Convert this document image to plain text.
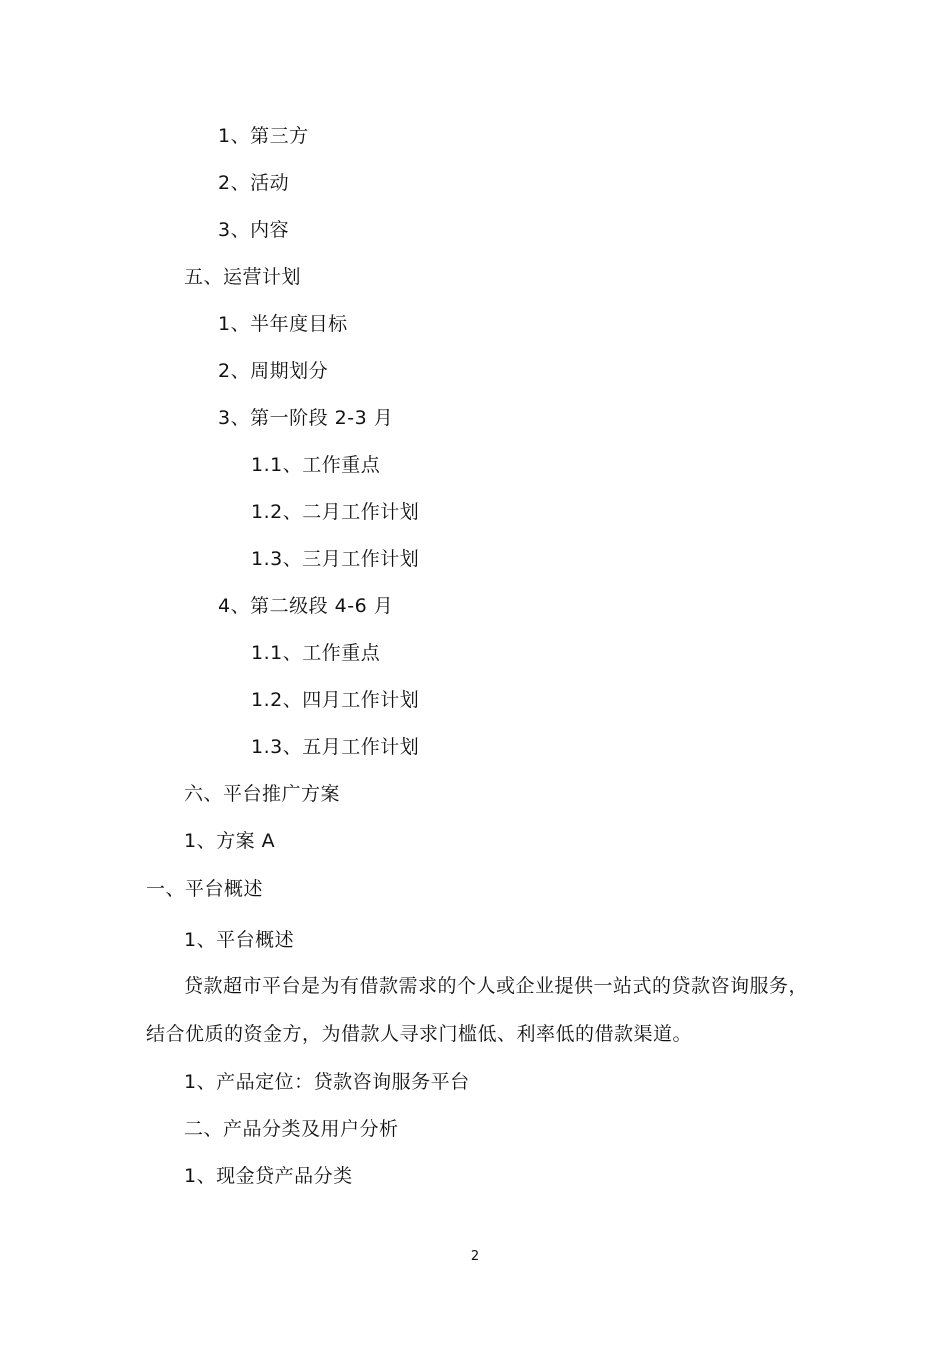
1、第三方
2、活动
3、内容
五、运营计划
1、半年度目标
2、周期划分
3、第一阶段 2-3 月
1.1、工作重点
1.2、二月工作计划
1.3、三月工作计划
4、第二级段 4-6 月
1.1、工作重点
1.2、四月工作计划
1.3、五月工作计划
六、平台推广方案
1、方案 A
一、平台概述
1、平台概述
贷款超市平台是为有借款需求的个人或企业提供一站式的贷款咨询服务，
结合优质的资金方，为借款人寻求门槛低、利率低的借款渠道。
1、产品定位：贷款咨询服务平台
二、产品分类及用户分析
1、现金贷产品分类
2
